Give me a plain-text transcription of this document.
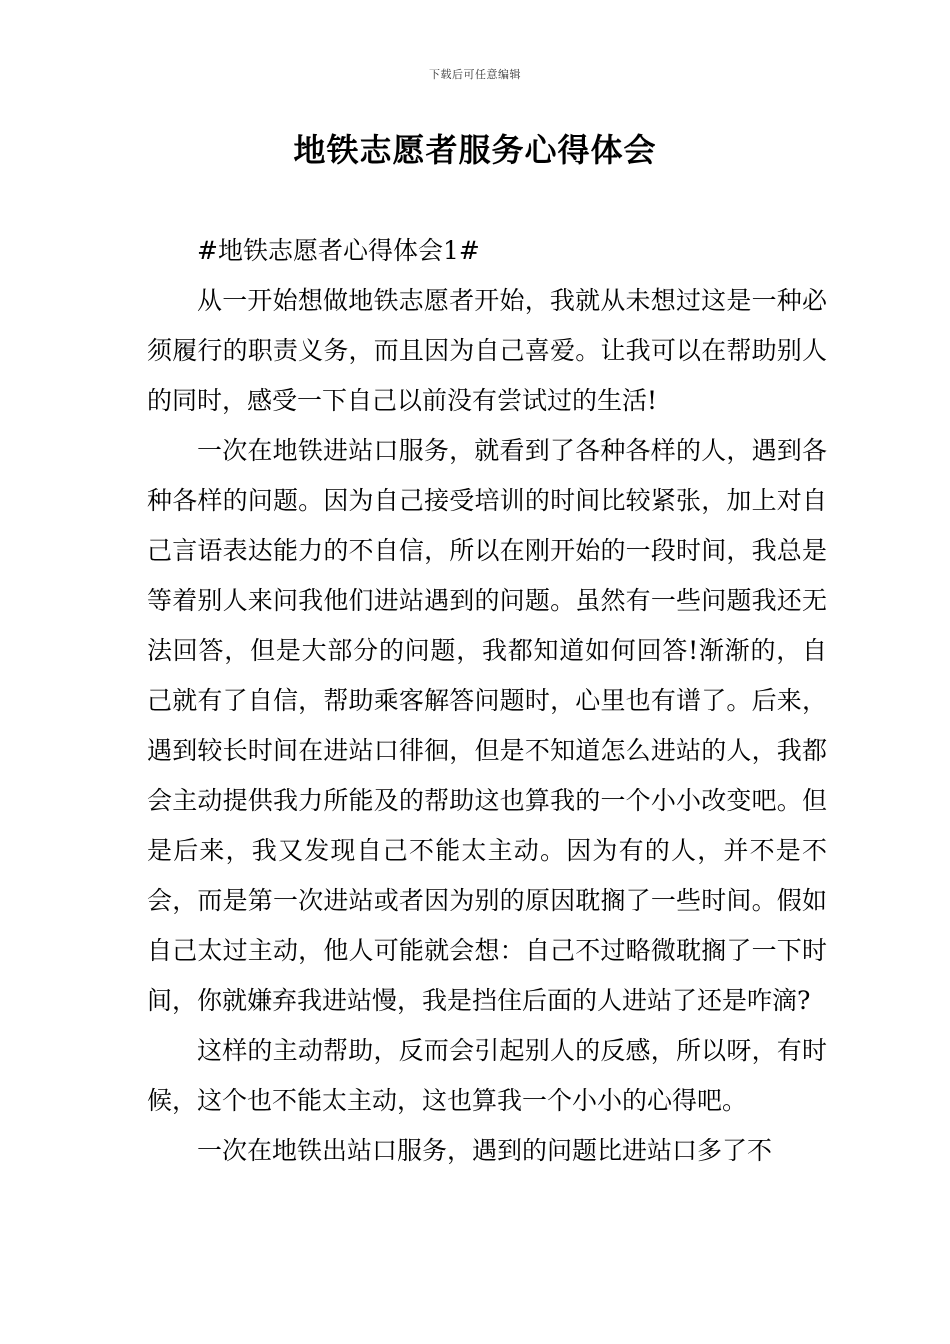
下载后可任意编辑
地铁志愿者服务心得体会

#地铁志愿者心得体会1#

从一开始想做地铁志愿者开始，我就从未想过这是一种必须履行的职责义务，而且因为自己喜爱。让我可以在帮助别人的同时，感受一下自己以前没有尝试过的生活!

一次在地铁进站口服务，就看到了各种各样的人，遇到各种各样的问题。因为自己接受培训的时间比较紧张，加上对自己言语表达能力的不自信，所以在刚开始的一段时间，我总是等着别人来问我他们进站遇到的问题。虽然有一些问题我还无法回答，但是大部分的问题，我都知道如何回答!渐渐的，自己就有了自信，帮助乘客解答问题时，心里也有谱了。后来，遇到较长时间在进站口徘徊，但是不知道怎么进站的人，我都会主动提供我力所能及的帮助这也算我的一个小小改变吧。但是后来，我又发现自己不能太主动。因为有的人，并不是不会，而是第一次进站或者因为别的原因耽搁了一些时间。假如自己太过主动，他人可能就会想：自己不过略微耽搁了一下时间，你就嫌弃我进站慢，我是挡住后面的人进站了还是咋滴?

这样的主动帮助，反而会引起别人的反感，所以呀，有时候，这个也不能太主动，这也算我一个小小的心得吧。

一次在地铁出站口服务，遇到的问题比进站口多了不
